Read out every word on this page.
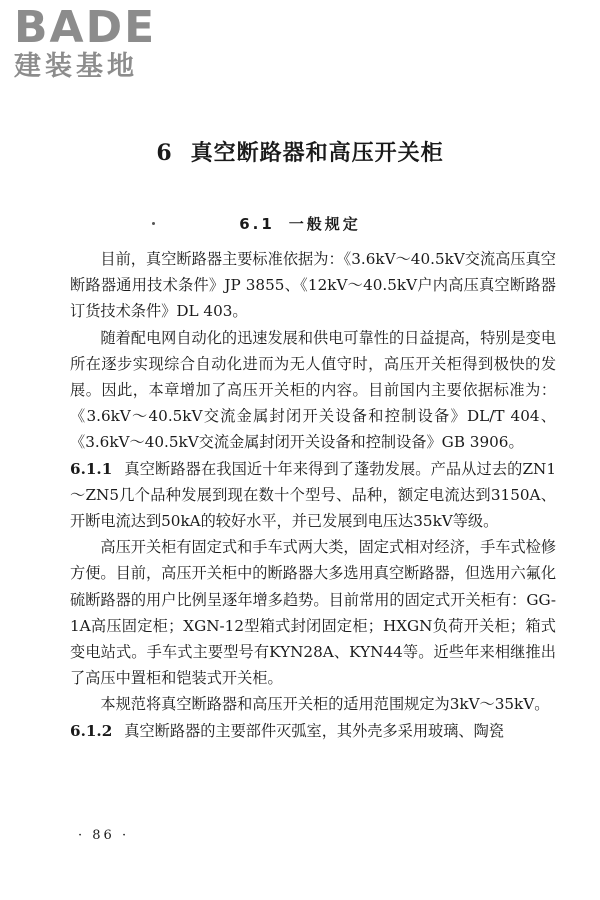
BADE
建装基地
6 真空断路器和高压开关柜
6.1 一般规定

目前，真空断路器主要标准依据为：《3.6kV～40.5kV交流高压真空断路器通用技术条件》JP 3855、《12kV～40.5kV户内高压真空断路器订货技术条件》DL 403。

随着配电网自动化的迅速发展和供电可靠性的日益提高，特别是变电所在逐步实现综合自动化进而为无人值守时，高压开关柜得到极快的发展。因此，本章增加了高压开关柜的内容。目前国内主要依据标准为：《3.6kV～40.5kV交流金属封闭开关设备和控制设备》DL/T 404、《3.6kV～40.5kV交流金属封闭开关设备和控制设备》GB 3906。

6.1.1 真空断路器在我国近十年来得到了蓬勃发展。产品从过去的ZN1～ZN5几个品种发展到现在数十个型号、品种，额定电流达到3150A、开断电流达到50kA的较好水平，并已发展到电压达35kV等级。

高压开关柜有固定式和手车式两大类，固定式相对经济，手车式检修方便。目前，高压开关柜中的断路器大多选用真空断路器，但选用六氟化硫断路器的用户比例呈逐年增多趋势。目前常用的固定式开关柜有：GG-1A高压固定柜；XGN-12型箱式封闭固定柜；HXGN负荷开关柜；箱式变电站式。手车式主要型号有KYN28A、KYN44等。近些年来相继推出了高压中置柜和铠装式开关柜。

本规范将真空断路器和高压开关柜的适用范围规定为3kV～35kV。

6.1.2 真空断路器的主要部件灭弧室，其外壳多采用玻璃、陶瓷

· 86 ·
